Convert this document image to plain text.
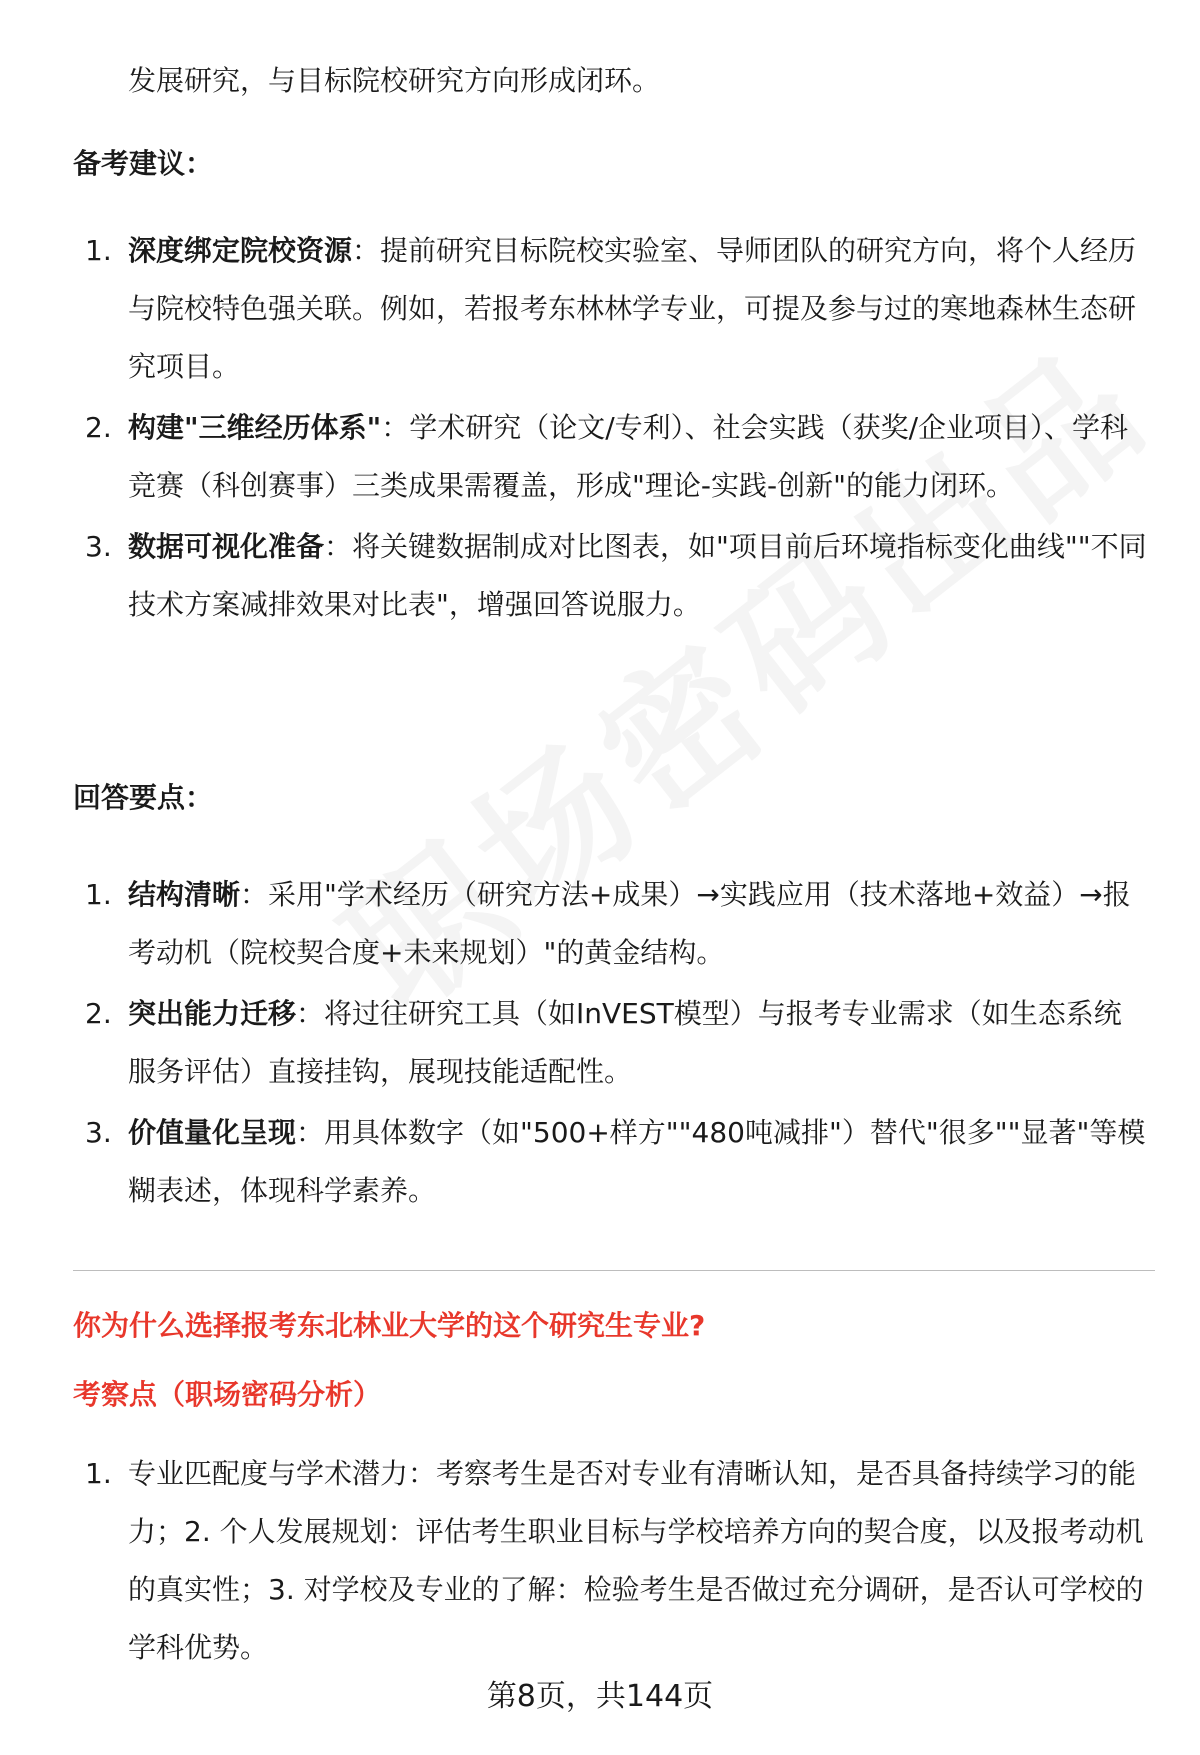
发展研究，与目标院校研究方向形成闭环。
备考建议：
1. 深度绑定院校资源：提前研究目标院校实验室、导师团队的研究方向，将个人经历与院校特色强关联。例如，若报考东林林学专业，可提及参与过的寒地森林生态研究项目。
2. 构建"三维经历体系"：学术研究（论文/专利）、社会实践（获奖/企业项目）、学科竞赛（科创赛事）三类成果需覆盖，形成"理论-实践-创新"的能力闭环。
3. 数据可视化准备：将关键数据制成对比图表，如"项目前后环境指标变化曲线""不同技术方案减排效果对比表"，增强回答说服力。
回答要点：
1. 结构清晰：采用"学术经历（研究方法+成果）→实践应用（技术落地+效益）→报考动机（院校契合度+未来规划）"的黄金结构。
2. 突出能力迁移：将过往研究工具（如InVEST模型）与报考专业需求（如生态系统服务评估）直接挂钩，展现技能适配性。
3. 价值量化呈现：用具体数字（如"500+样方""480吨减排"）替代"很多""显著"等模糊表述，体现科学素养。
你为什么选择报考东北林业大学的这个研究生专业?
考察点（职场密码分析）
1. 专业匹配度与学术潜力：考察考生是否对专业有清晰认知，是否具备持续学习的能力；2. 个人发展规划：评估考生职业目标与学校培养方向的契合度，以及报考动机的真实性；3. 对学校及专业的了解：检验考生是否做过充分调研，是否认可学校的学科优势。
第8页，共144页
